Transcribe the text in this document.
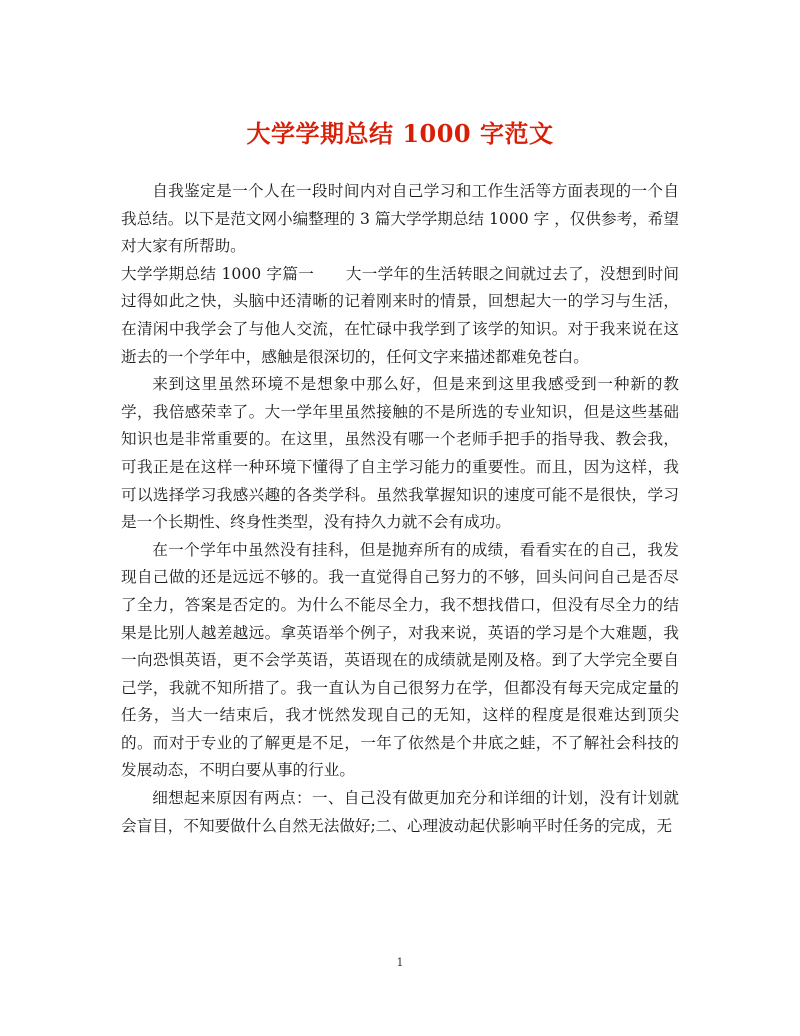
大学学期总结 1000 字范文

自我鉴定是一个人在一段时间内对自己学习和工作生活等方面表现的一个自我总结。以下是范文网小编整理的 3 篇大学学期总结 1000 字 ，仅供参考，希望对大家有所帮助。

大学学期总结 1000 字篇一　　大一学年的生活转眼之间就过去了，没想到时间过得如此之快，头脑中还清晰的记着刚来时的情景，回想起大一的学习与生活，在清闲中我学会了与他人交流，在忙碌中我学到了该学的知识。对于我来说在这逝去的一个学年中，感触是很深切的，任何文字来描述都难免苍白。

来到这里虽然环境不是想象中那么好，但是来到这里我感受到一种新的教学，我倍感荣幸了。大一学年里虽然接触的不是所选的专业知识，但是这些基础知识也是非常重要的。在这里，虽然没有哪一个老师手把手的指导我、教会我，可我正是在这样一种环境下懂得了自主学习能力的重要性。而且，因为这样，我可以选择学习我感兴趣的各类学科。虽然我掌握知识的速度可能不是很快，学习是一个长期性、终身性类型，没有持久力就不会有成功。

在一个学年中虽然没有挂科，但是抛弃所有的成绩，看看实在的自己，我发现自己做的还是远远不够的。我一直觉得自己努力的不够，回头问问自己是否尽了全力，答案是否定的。为什么不能尽全力，我不想找借口，但没有尽全力的结果是比别人越差越远。拿英语举个例子，对我来说，英语的学习是个大难题，我一向恐惧英语，更不会学英语，英语现在的成绩就是刚及格。到了大学完全要自己学，我就不知所措了。我一直认为自己很努力在学，但都没有每天完成定量的任务，当大一结束后，我才恍然发现自己的无知，这样的程度是很难达到顶尖的。而对于专业的了解更是不足，一年了依然是个井底之蛙，不了解社会科技的发展动态，不明白要从事的行业。

细想起来原因有两点：一、自己没有做更加充分和详细的计划，没有计划就会盲目，不知要做什么自然无法做好;二、心理波动起伏影响平时任务的完成，无

1
